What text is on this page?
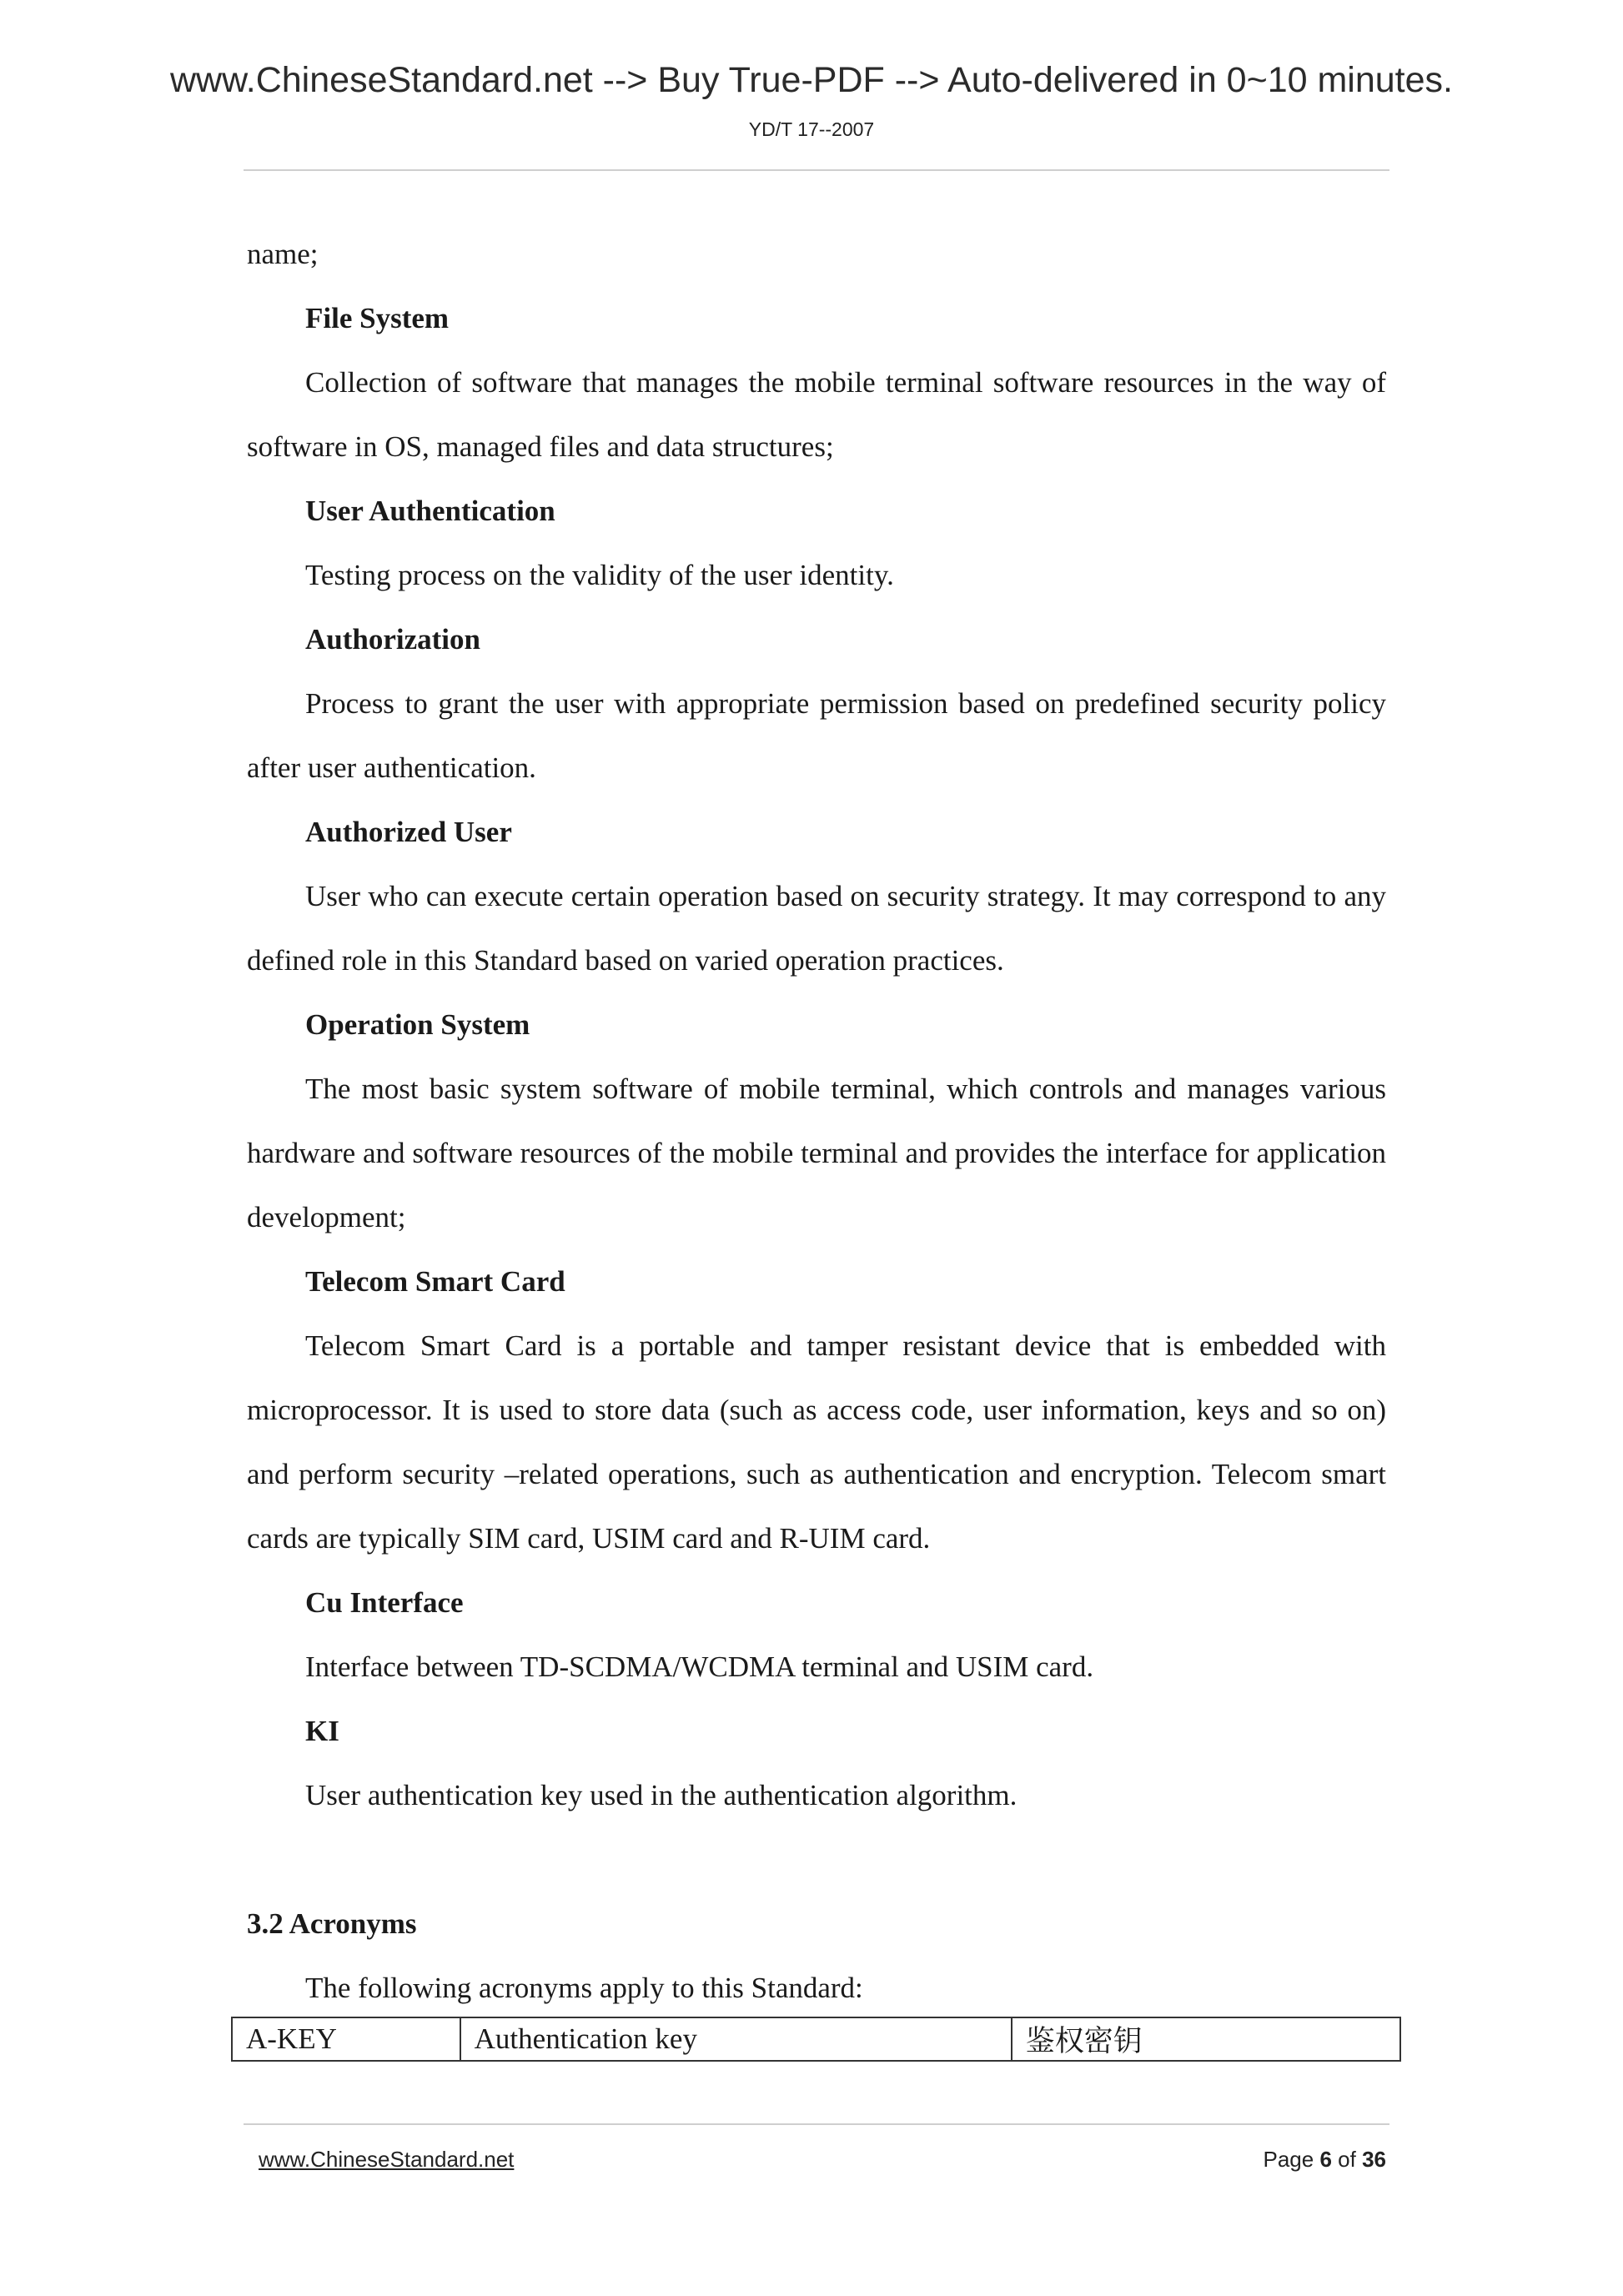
www.ChineseStandard.net --> Buy True-PDF --> Auto-delivered in 0~10 minutes.
YD/T 17--2007

name;

File System

Collection of software that manages the mobile terminal software resources in the way of software in OS, managed files and data structures;

User Authentication

Testing process on the validity of the user identity.

Authorization

Process to grant the user with appropriate permission based on predefined security policy after user authentication.

Authorized User

User who can execute certain operation based on security strategy. It may correspond to any defined role in this Standard based on varied operation practices.

Operation System

The most basic system software of mobile terminal, which controls and manages various hardware and software resources of the mobile terminal and provides the interface for application development;

Telecom Smart Card

Telecom Smart Card is a portable and tamper resistant device that is embedded with microprocessor. It is used to store data (such as access code, user information, keys and so on) and perform security –related operations, such as authentication and encryption. Telecom smart cards are typically SIM card, USIM card and R-UIM card.

Cu Interface

Interface between TD-SCDMA/WCDMA terminal and USIM card.

KI

User authentication key used in the authentication algorithm.

3.2 Acronyms

The following acronyms apply to this Standard:

A-KEY	Authentication key	鉴权密钥
www.ChineseStandard.net	Page 6 of 36
